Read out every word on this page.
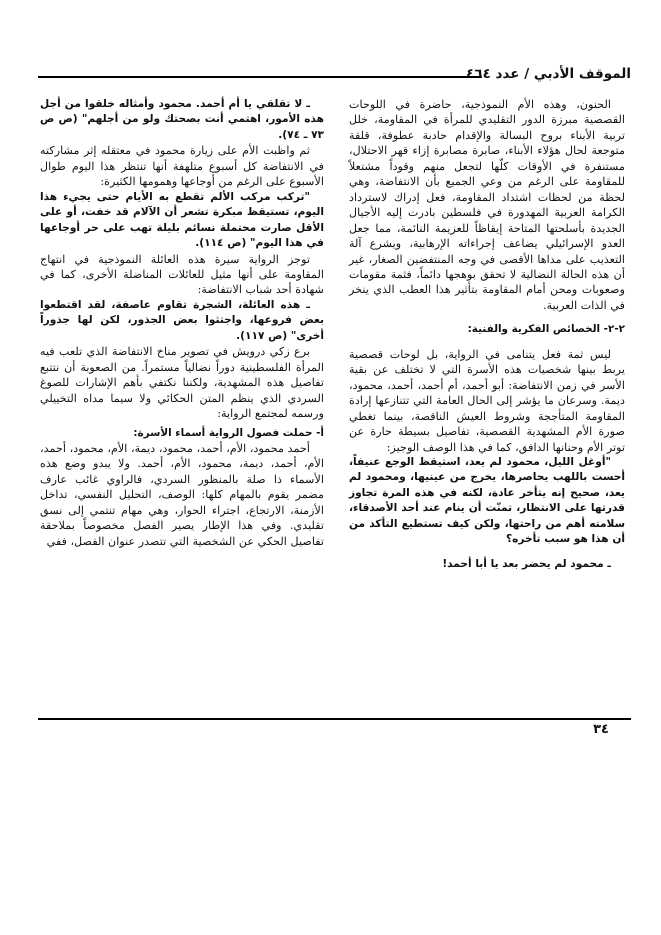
الموقف الأدبي / عدد ٤٦٤

الحنون، وهذه الأم النموذجية، حاضرة في اللوحات القصصية مبرزة الدور التقليدي للمرأة في المقاومة، خلل تربية الأبناء بروح البسالة والإقدام حادبة عطوفة، قلقة متوجعة لحال هؤلاء الأبناء، صابرة مصابرة إزاء قهر الاحتلال، مستنفرة في الأوقات كلّها لتجعل منهم وقوداً مشتعلاً للمقاومة على الرغم من وعي الجميع بأن الانتفاضة، وهي لحظة من لحظات اشتداد المقاومة، فعل إدراك لاسترداد الكرامة العربية المهدورة في فلسطين بادرت إليه الأجيال الجديدة بأسلحتها المتاحة إيقاظاً للعزيمة النائمة، مما جعل العدو الإسرائيلي يضاعف إجراءاته الإرهابية، ويشرع آلة التعذيب على مداها الأقصى في وجه المنتفضين الصغار، غير أن هذه الحالة النضالية لا تحقق بوهجها دائماً، فثمة مقومات وصعوبات ومحن أمام المقاومة بتأثير هذا العطب الذي ينخر في الذات العربية.

٢-٢- الخصائص الفكرية والفنية:

ليس ثمة فعل يتنامى في الرواية، بل لوحات قصصية يربط بينها شخصيات هذه الأسرة التي لا تختلف عن بقية الأسر في زمن الانتفاضة: أبو أحمد، أم أحمد، أحمد، محمود، ديمة. وسرعان ما يؤشر إلى الحال العامة التي تتنازعها إرادة المقاومة المتأججة وشروط العيش الناقصة، بينما تغطي صورة الأم المشهدية القصصية، تفاصيل بسيطة حارة عن توتر الأم وحنانها الدافق، كما في هذا الوصف الوجيز:

"أوغل الليل، محمود لم يعد، استيقظ الوجع عنيفاً، أحست باللهب يحاصرها، يخرج من عينيها، ومحمود لم يعد، صحيح إنه يتأخر عادة، لكنه في هذه المرة تجاوز قدرتها على الانتظار، تمنّت أن ينام عند أحد الأصدقاء، سلامته أهم من راحتها، ولكن كيف تستطيع التأكد من أن هذا هو سبب تأخره؟

ـ محمود لم يحضر بعد يا أبا أحمد!

ـ لا تقلقي يا أم أحمد. محمود وأمثاله خلقوا من أجل هذه الأمور، اهتمي أنت بصحتك ولو من أجلهم" (ص ص ٧٣ ـ ٧٤).

ثم واظبت الأم على زيارة محمود في معتقله إثر مشاركته في الانتفاضة كل أسبوع متلهفة أنها تنتظر هذا اليوم طوال الأسبوع على الرغم من أوجاعها وهمومها الكثيرة:

"تركب مركب الألم تقطع به الأيام حتى يجيء هذا اليوم، تستيقظ مبكرة تشعر أن الآلام قد خفت، أو على الأقل صارت محتملة نسائم بليلة تهب على حر أوجاعها في هذا اليوم" (ص ١١٤).

توجز الرواية سيرة هذه العائلة النموذجية في انتهاج المقاومة على أنها مثيل للعائلات المناضلة الأخرى، كما في شهادة أحد شباب الانتفاضة:

ـ هذه العائلة، الشجرة تقاوم عاصفة، لقد اقتطعوا بعض فروعها، واجتثوا بعض الجذور، لكن لها جذوراً أخرى" (ص ١١٧).

برع زكي درويش في تصوير مناخ الانتفاضة الذي تلعب فيه المرأة الفلسطينية دوراً نضالياً مستمراً. من الصعوبة أن نتتبع تفاصيل هذه المشهدية، ولكننا نكتفي بأهم الإشارات للصوغ السردي الذي ينظم المتن الحكائي ولا سيما مداه التخييلي ورسمه لمجتمع الرواية:

أ- حملت فصول الرواية أسماء الأسرة:

أحمد محمود، الأم، أحمد، محمود، ديمة، الأم، محمود، أحمد، الأم، أحمد، ديمة، محمود، الأم، أحمد. ولا يبدو وضع هذه الأسماء ذا صلة بالمنظور السردي، فالراوي غائب عارف مضمر يقوم بالمهام كلها: الوصف، التحليل النفسي، تداخل الأزمنة، الارتجاع، اجتراء الحوار، وهي مهام تنتمي إلى نسق تقليدي. وفي هذا الإطار يصير الفصل مخصوصاً بملاحقة تفاصيل الحكي عن الشخصية التي تتصدر عنوان الفصل، ففي

٣٤
